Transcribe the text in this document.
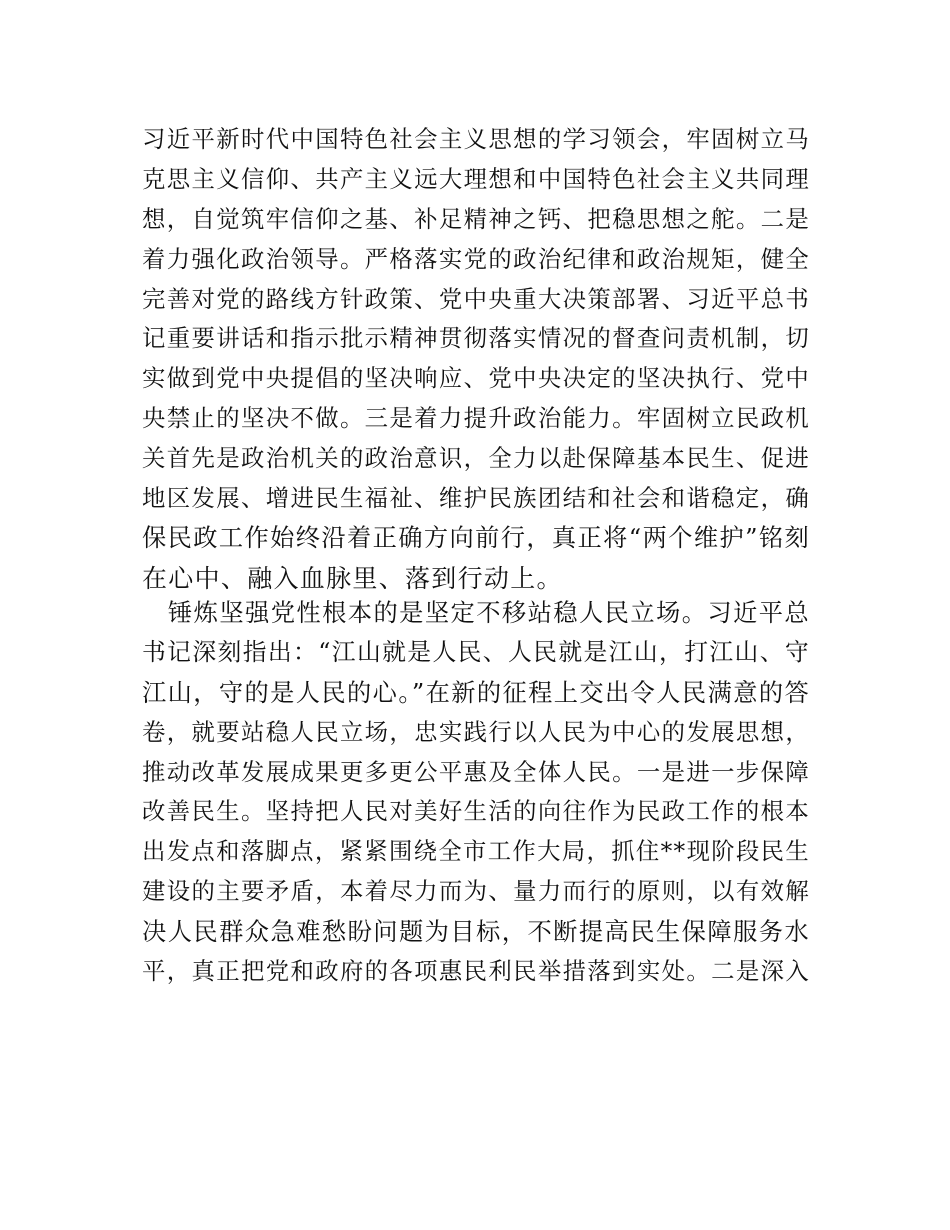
习近平新时代中国特色社会主义思想的学习领会，牢固树立马
克思主义信仰、共产主义远大理想和中国特色社会主义共同理
想，自觉筑牢信仰之基、补足精神之钙、把稳思想之舵。二是
着力强化政治领导。严格落实党的政治纪律和政治规矩，健全
完善对党的路线方针政策、党中央重大决策部署、习近平总书
记重要讲话和指示批示精神贯彻落实情况的督查问责机制，切
实做到党中央提倡的坚决响应、党中央决定的坚决执行、党中
央禁止的坚决不做。三是着力提升政治能力。牢固树立民政机
关首先是政治机关的政治意识，全力以赴保障基本民生、促进
地区发展、增进民生福祉、维护民族团结和社会和谐稳定，确
保民政工作始终沿着正确方向前行，真正将“两个维护”铭刻
在心中、融入血脉里、落到行动上。
锤炼坚强党性根本的是坚定不移站稳人民立场。习近平总
书记深刻指出：“江山就是人民、人民就是江山，打江山、守
江山，守的是人民的心。”在新的征程上交出令人民满意的答
卷，就要站稳人民立场，忠实践行以人民为中心的发展思想，
推动改革发展成果更多更公平惠及全体人民。一是进一步保障
改善民生。坚持把人民对美好生活的向往作为民政工作的根本
出发点和落脚点，紧紧围绕全市工作大局，抓住**现阶段民生
建设的主要矛盾，本着尽力而为、量力而行的原则，以有效解
决人民群众急难愁盼问题为目标，不断提高民生保障服务水
平，真正把党和政府的各项惠民利民举措落到实处。二是深入
